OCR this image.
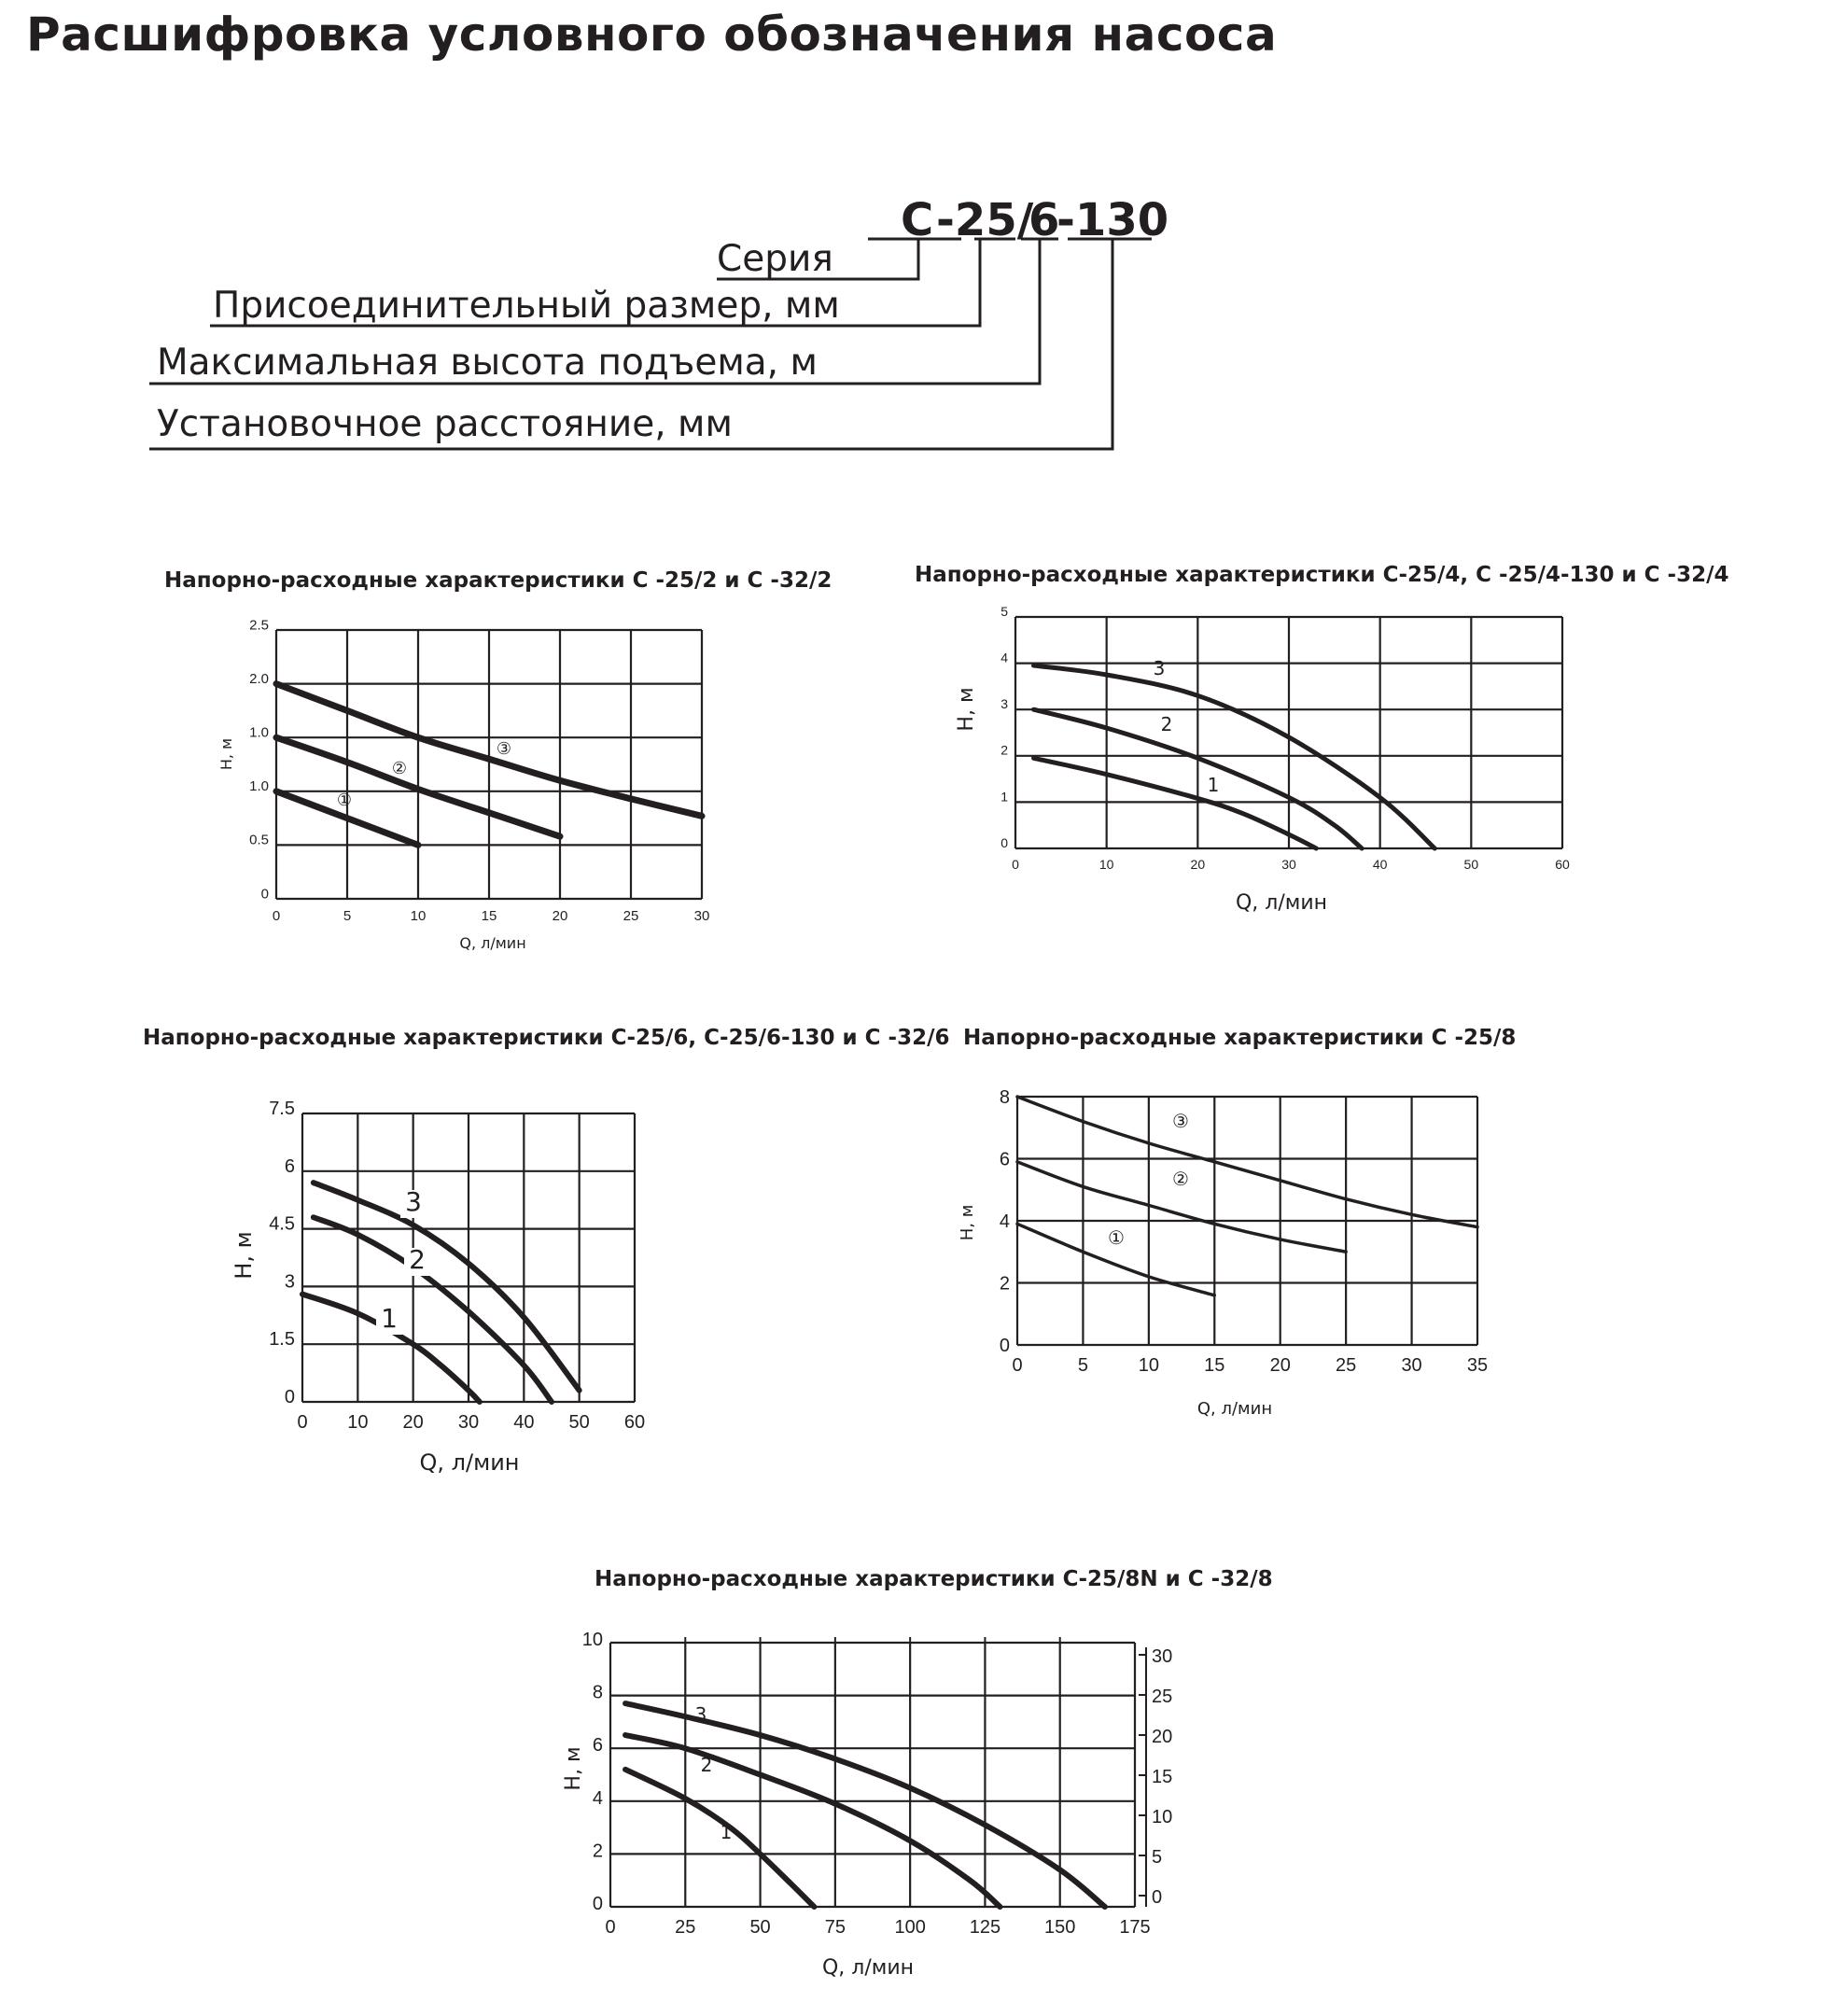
Расшифровка условного обозначения насоса
С -25/
6
-130
Серия
Присоединительный размер, мм
Максимальная высота подъема, м
Установочное расстояние, мм
Напорно-расходные характеристики С -25/2 и С -32/2	Напорно-расходные характеристики С-25/4, С -25/4-130 и С -32/4
Напорно-расходные характеристики С-25/6, С-25/6-130 и С -32/6 Напорно-расходные характеристики С -25/8
Напорно-расходные характеристики С-25/8N и С -32/8
0	5	10	15	20	25	30
0
0.5
1.0
1.0
2.0
2.5
Q, л/мин
H, м
①
②
③
0	10	20	30	40	50	60
0
1
2
3
4
5
Q, л/мин
H, м
1
2
3
0 10 20 30 40 50 60
0
1.5
3
4.5
6
7.5
Q, л/мин
H, м
1
2
3
0	5	10 15 20 25 30 35
0
2
4
6
8
Q, л/мин
H, м	①
②
③
0	25	50	75	100 125 150 175
0
2
4
6
8
10
0
5
10
15
20
25
30
Q, л/мин
H, м
1
2
3
